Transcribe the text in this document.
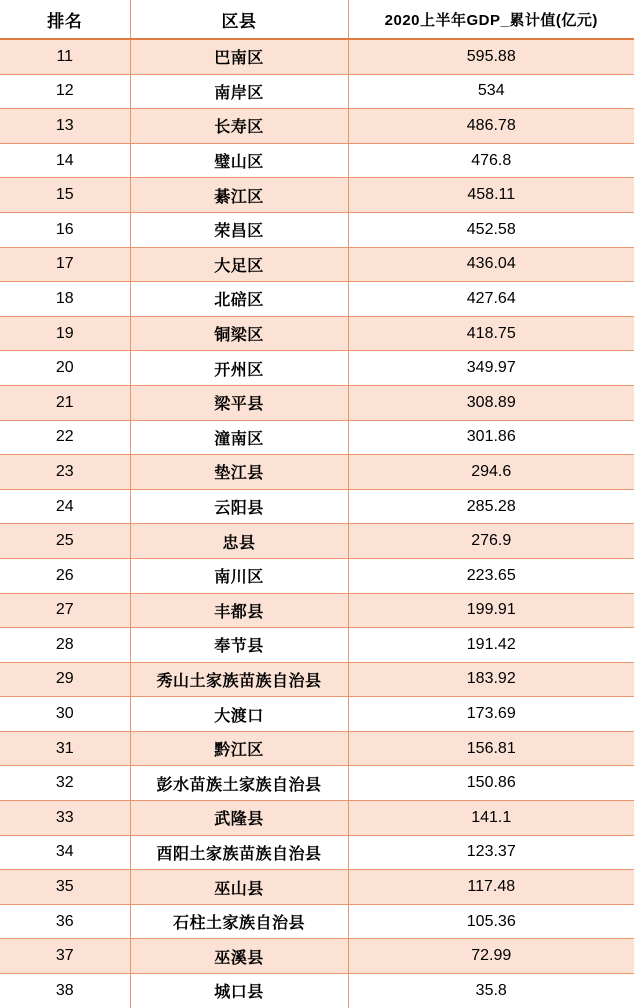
排名	区县	2020上半年GDP_累计值(亿元)
11	巴南区	595.88
12	南岸区	534
13	长寿区	486.78
14	璧山区	476.8
15	綦江区	458.11
16	荣昌区	452.58
17	大足区	436.04
18	北碚区	427.64
19	铜梁区	418.75
20	开州区	349.97
21	梁平县	308.89
22	潼南区	301.86
23	垫江县	294.6
24	云阳县	285.28
25	忠县	276.9
26	南川区	223.65
27	丰都县	199.91
28	奉节县	191.42
29	秀山土家族苗族自治县	183.92
30	大渡口	173.69
31	黔江区	156.81
32	彭水苗族土家族自治县	150.86
33	武隆县	141.1
34	酉阳土家族苗族自治县	123.37
35	巫山县	117.48
36	石柱土家族自治县	105.36
37	巫溪县	72.99
38	城口县	35.8
